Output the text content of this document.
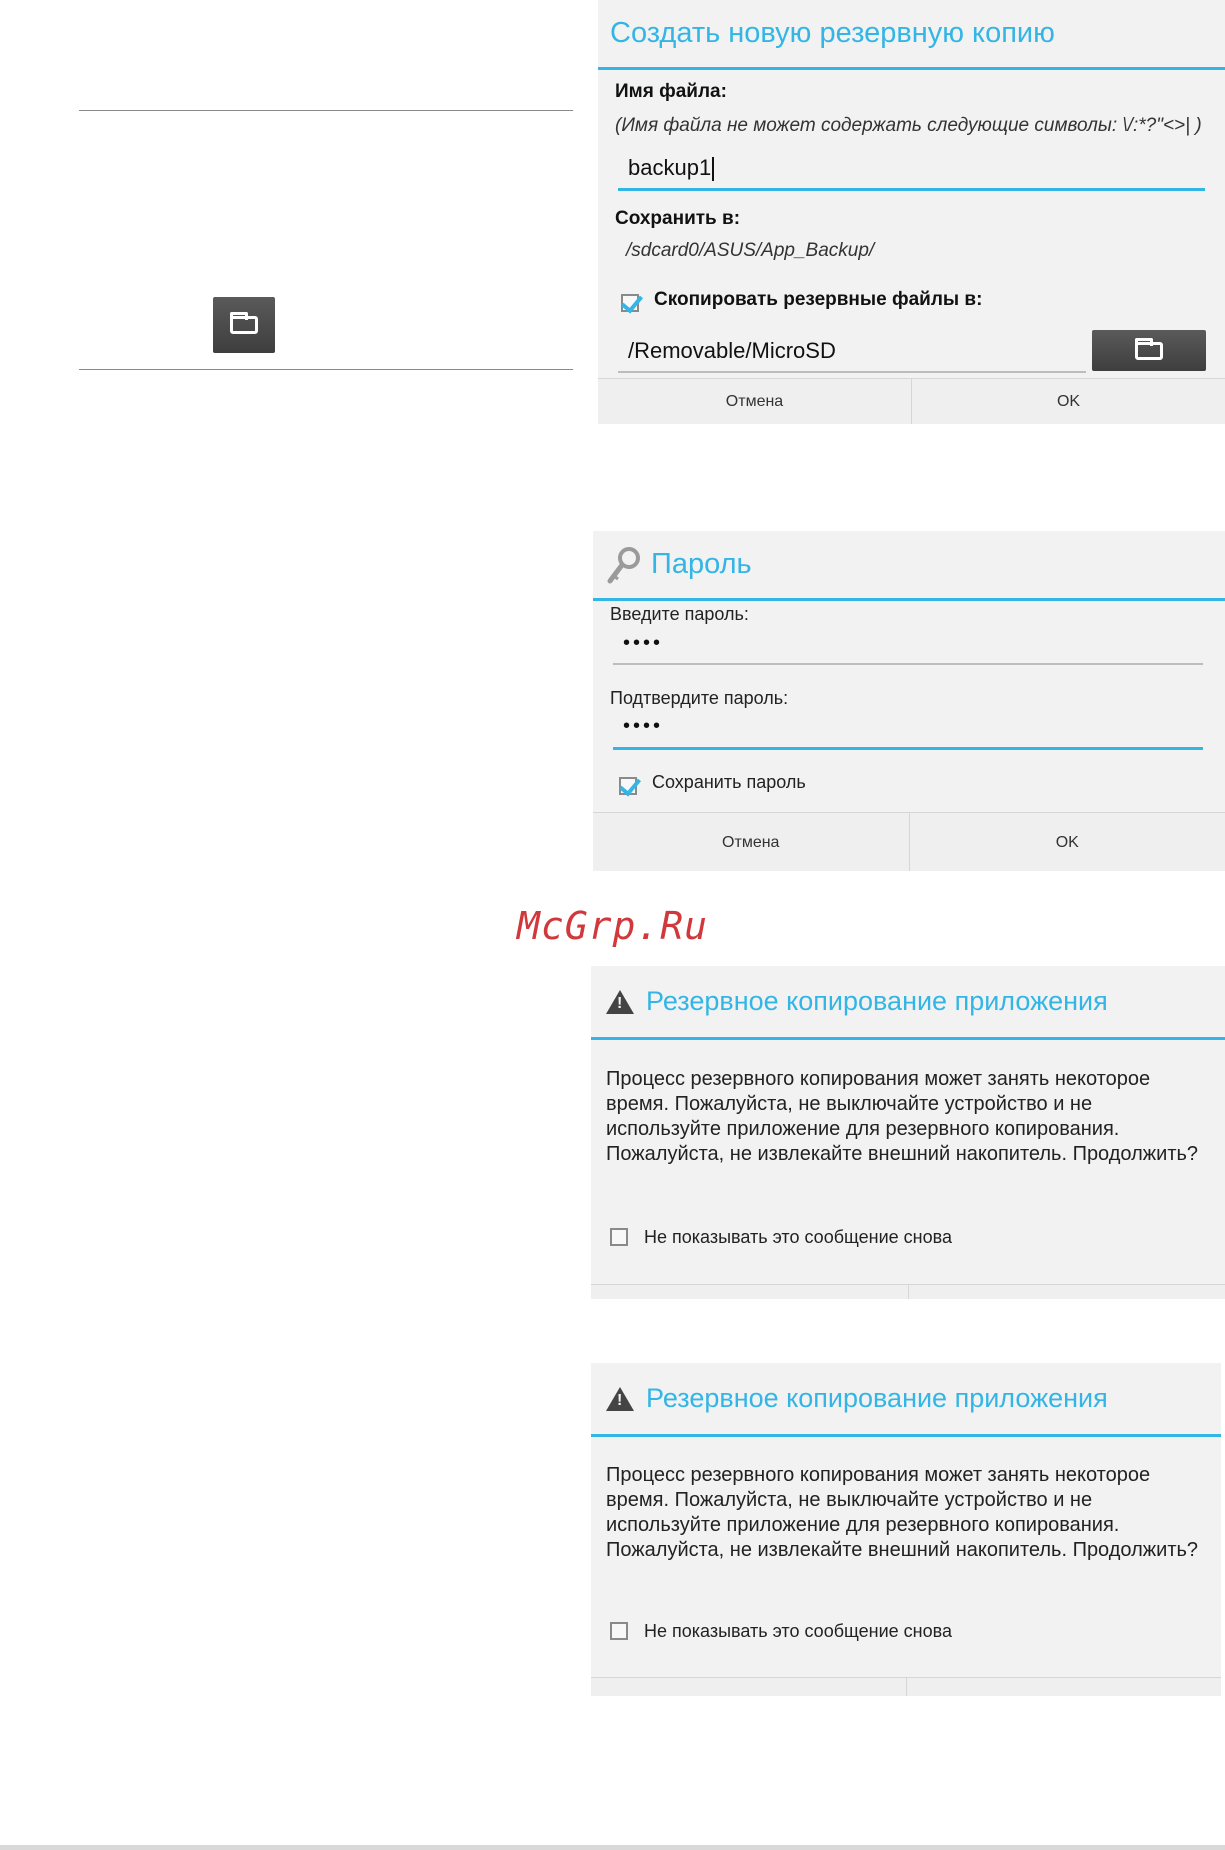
Создать новую резервную копию
Имя файла:
(Имя файла не может содержать следующие символы: \/:*?"<>| )
backup1
Сохранить в:
/sdcard0/ASUS/App_Backup/
Скопировать резервные файлы в:
/Removable/MicroSD
Отмена	OK
Пароль
Введите пароль:
••••
Подтвердите пароль:
••••
Сохранить пароль
Отмена	OK
McGrp.Ru
!
Резервное копирование приложения
Процесс резервного копирования может занять некоторое время. Пожалуйста, не выключайте устройство и не используйте приложение для резервного копирования. Пожалуйста, не извлекайте внешний накопитель. Продолжить?
Не показывать это сообщение снова
!
Резервное копирование приложения
Процесс резервного копирования может занять некоторое время. Пожалуйста, не выключайте устройство и не используйте приложение для резервного копирования. Пожалуйста, не извлекайте внешний накопитель. Продолжить?
Не показывать это сообщение снова
